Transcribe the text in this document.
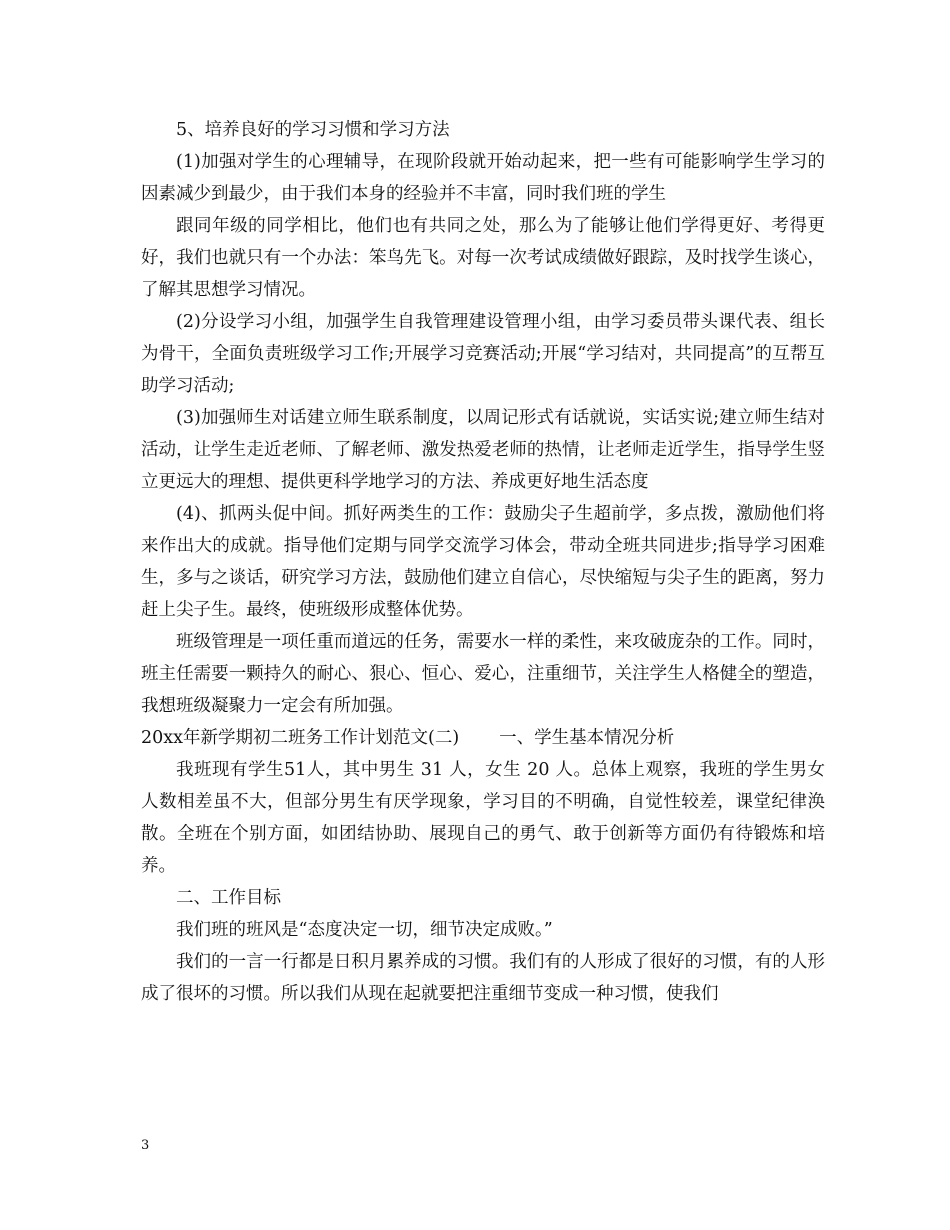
5、培养良好的学习习惯和学习方法

(1)加强对学生的心理辅导，在现阶段就开始动起来，把一些有可能影响学生学习的因素减少到最少，由于我们本身的经验并不丰富，同时我们班的学生

跟同年级的同学相比，他们也有共同之处，那么为了能够让他们学得更好、考得更好，我们也就只有一个办法：笨鸟先飞。对每一次考试成绩做好跟踪，及时找学生谈心，了解其思想学习情况。

(2)分设学习小组，加强学生自我管理建设管理小组，由学习委员带头课代表、组长为骨干，全面负责班级学习工作;开展学习竞赛活动;开展“学习结对，共同提高”的互帮互助学习活动;

(3)加强师生对话建立师生联系制度，以周记形式有话就说，实话实说;建立师生结对活动，让学生走近老师、了解老师、激发热爱老师的热情，让老师走近学生，指导学生竖立更远大的理想、提供更科学地学习的方法、养成更好地生活态度

(4)、抓两头促中间。抓好两类生的工作：鼓励尖子生超前学，多点拨，激励他们将来作出大的成就。指导他们定期与同学交流学习体会，带动全班共同进步;指导学习困难生，多与之谈话，研究学习方法，鼓励他们建立自信心，尽快缩短与尖子生的距离，努力赶上尖子生。最终，使班级形成整体优势。

班级管理是一项任重而道远的任务，需要水一样的柔性，来攻破庞杂的工作。同时，班主任需要一颗持久的耐心、狠心、恒心、爱心，注重细节，关注学生人格健全的塑造，我想班级凝聚力一定会有所加强。

20xx年新学期初二班务工作计划范文(二) 一、学生基本情况分析

我班现有学生51人，其中男生 31 人，女生 20 人。总体上观察，我班的学生男女人数相差虽不大，但部分男生有厌学现象，学习目的不明确，自觉性较差，课堂纪律涣散。全班在个别方面，如团结协助、展现自己的勇气、敢于创新等方面仍有待锻炼和培养。

二、工作目标

我们班的班风是“态度决定一切，细节决定成败。”

我们的一言一行都是日积月累养成的习惯。我们有的人形成了很好的习惯，有的人形成了很坏的习惯。所以我们从现在起就要把注重细节变成一种习惯，使我们

3
